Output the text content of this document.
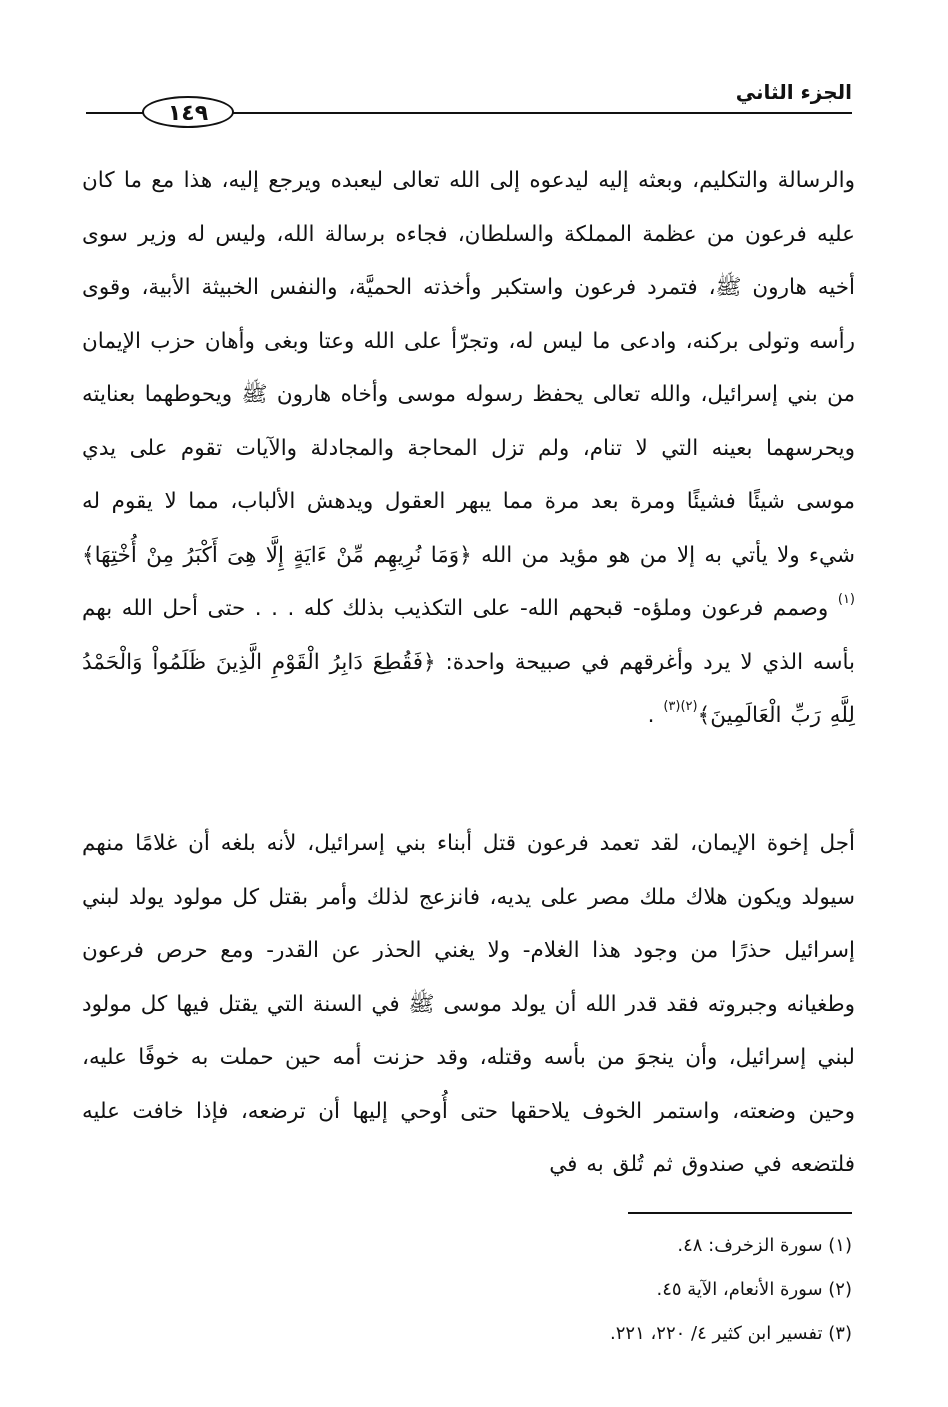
الجزء الثاني
١٤٩
والرسالة والتكليم، وبعثه إليه ليدعوه إلى الله تعالى ليعبده ويرجع إليه، هذا مع ما كان عليه فرعون من عظمة المملكة والسلطان، فجاءه برسالة الله، وليس له وزير سوى أخيه هارون ﷺ، فتمرد فرعون واستكبر وأخذته الحميَّة، والنفس الخبيثة الأبية، وقوى رأسه وتولى بركنه، وادعى ما ليس له، وتجرّأ على الله وعتا وبغى وأهان حزب الإيمان من بني إسرائيل، والله تعالى يحفظ رسوله موسى وأخاه هارون ﷺ ويحوطهما بعنايته ويحرسهما بعينه التي لا تنام، ولم تزل المحاجة والمجادلة والآيات تقوم على يدي موسى شيئًا فشيئًا ومرة بعد مرة مما يبهر العقول ويدهش الألباب، مما لا يقوم له شيء ولا يأتي به إلا من هو مؤيد من الله ﴿وَمَا نُرِيهِم مِّنْ ءَايَةٍ إِلَّا هِىَ أَكْبَرُ مِنْ أُخْتِهَا﴾$^{(١)}$ وصمم فرعون وملؤه- قبحهم الله- على التكذيب بذلك كله . . . حتى أحل الله بهم بأسه الذي لا يرد وأغرقهم في صبيحة واحدة: ﴿فَقُطِعَ دَابِرُ الْقَوْمِ الَّذِينَ ظَلَمُواْ وَالْحَمْدُ لِلَّهِ رَبِّ الْعَالَمِينَ﴾$^{(٢)(٣)}$ .
أجل إخوة الإيمان، لقد تعمد فرعون قتل أبناء بني إسرائيل، لأنه بلغه أن غلامًا منهم سيولد ويكون هلاك ملك مصر على يديه، فانزعج لذلك وأمر بقتل كل مولود يولد لبني إسرائيل حذرًا من وجود هذا الغلام- ولا يغني الحذر عن القدر- ومع حرص فرعون وطغيانه وجبروته فقد قدر الله أن يولد موسى ﷺ في السنة التي يقتل فيها كل مولود لبني إسرائيل، وأن ينجوَ من بأسه وقتله، وقد حزنت أمه حين حملت به خوفًا عليه، وحين وضعته، واستمر الخوف يلاحقها حتى أُوحي إليها أن ترضعه، فإذا خافت عليه فلتضعه في صندوق ثم تُلق به في
(١) سورة الزخرف: ٤٨.
(٢) سورة الأنعام، الآية ٤٥.
(٣) تفسير ابن كثير ٤/ ٢٢٠، ٢٢١.
